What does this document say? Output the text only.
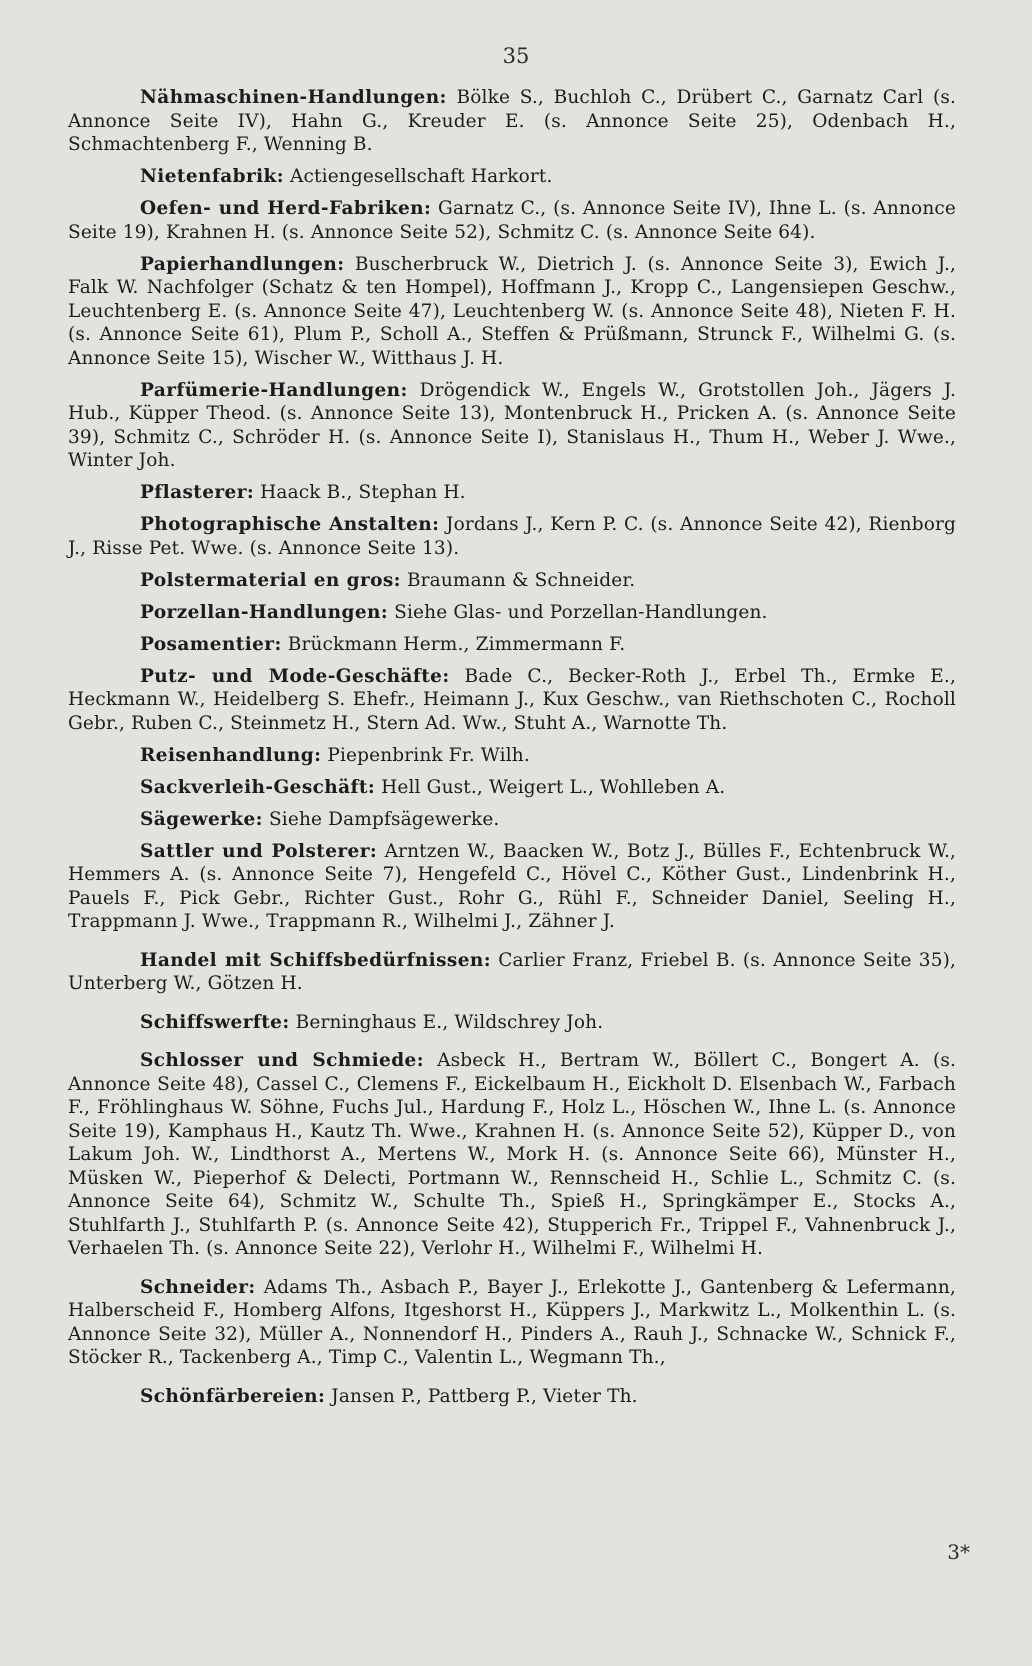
35

Nähmaschinen-Handlungen: Bölke S., Buchloh C., Drübert C., Garnatz Carl (s. Annonce Seite IV), Hahn G., Kreuder E. (s. Annonce Seite 25), Odenbach H., Schmachtenberg F., Wenning B.

Nietenfabrik: Actiengesellschaft Harkort.

Oefen- und Herd-Fabriken: Garnatz C., (s. Annonce Seite IV), Ihne L. (s. Annonce Seite 19), Krahnen H. (s. Annonce Seite 52), Schmitz C. (s. Annonce Seite 64).

Papierhandlungen: Buscherbruck W., Dietrich J. (s. Annonce Seite 3), Ewich J., Falk W. Nachfolger (Schatz & ten Hompel), Hoffmann J., Kropp C., Langensiepen Geschw., Leuchtenberg E. (s. Annonce Seite 47), Leuchtenberg W. (s. Annonce Seite 48), Nieten F. H. (s. Annonce Seite 61), Plum P., Scholl A., Steffen & Prüßmann, Strunck F., Wilhelmi G. (s. Annonce Seite 15), Wischer W., Witthaus J. H.

Parfümerie-Handlungen: Drögendick W., Engels W., Grotstollen Joh., Jägers J. Hub., Küpper Theod. (s. Annonce Seite 13), Montenbruck H., Pricken A. (s. Annonce Seite 39), Schmitz C., Schröder H. (s. Annonce Seite I), Stanislaus H., Thum H., Weber J. Wwe., Winter Joh.

Pflasterer: Haack B., Stephan H.

Photographische Anstalten: Jordans J., Kern P. C. (s. Annonce Seite 42), Rienborg J., Risse Pet. Wwe. (s. Annonce Seite 13).

Polstermaterial en gros: Braumann & Schneider.

Porzellan-Handlungen: Siehe Glas- und Porzellan-Handlungen.

Posamentier: Brückmann Herm., Zimmermann F.

Putz- und Mode-Geschäfte: Bade C., Becker-Roth J., Erbel Th., Ermke E., Heckmann W., Heidelberg S. Ehefr., Heimann J., Kux Geschw., van Riethschoten C., Rocholl Gebr., Ruben C., Steinmetz H., Stern Ad. Ww., Stuht A., Warnotte Th.

Reisenhandlung: Piepenbrink Fr. Wilh.

Sackverleih-Geschäft: Hell Gust., Weigert L., Wohlleben A.

Sägewerke: Siehe Dampfsägewerke.

Sattler und Polsterer: Arntzen W., Baacken W., Botz J., Bülles F., Echtenbruck W., Hemmers A. (s. Annonce Seite 7), Hengefeld C., Hövel C., Köther Gust., Lindenbrink H., Pauels F., Pick Gebr., Richter Gust., Rohr G., Rühl F., Schneider Daniel, Seeling H., Trappmann J. Wwe., Trappmann R., Wilhelmi J., Zähner J.

Handel mit Schiffsbedürfnissen: Carlier Franz, Friebel B. (s. Annonce Seite 35), Unterberg W., Götzen H.

Schiffswerfte: Berninghaus E., Wildschrey Joh.

Schlosser und Schmiede: Asbeck H., Bertram W., Böllert C., Bongert A. (s. Annonce Seite 48), Cassel C., Clemens F., Eickelbaum H., Eickholt D. Elsenbach W., Farbach F., Fröhlinghaus W. Söhne, Fuchs Jul., Hardung F., Holz L., Höschen W., Ihne L. (s. Annonce Seite 19), Kamphaus H., Kautz Th. Wwe., Krahnen H. (s. Annonce Seite 52), Küpper D., von Lakum Joh. W., Lindthorst A., Mertens W., Mork H. (s. Annonce Seite 66), Münster H., Müsken W., Pieperhof & Delecti, Portmann W., Rennscheid H., Schlie L., Schmitz C. (s. Annonce Seite 64), Schmitz W., Schulte Th., Spieß H., Springkämper E., Stocks A., Stuhlfarth J., Stuhlfarth P. (s. Annonce Seite 42), Stupperich Fr., Trippel F., Vahnenbruck J., Verhaelen Th. (s. Annonce Seite 22), Verlohr H., Wilhelmi F., Wilhelmi H.

Schneider: Adams Th., Asbach P., Bayer J., Erlekotte J., Gantenberg & Lefermann, Halberscheid F., Homberg Alfons, Itgeshorst H., Küppers J., Markwitz L., Molkenthin L. (s. Annonce Seite 32), Müller A., Nonnendorf H., Pinders A., Rauh J., Schnacke W., Schnick F., Stöcker R., Tackenberg A., Timp C., Valentin L., Wegmann Th.,

Schönfärbereien: Jansen P., Pattberg P., Vieter Th.

3*
